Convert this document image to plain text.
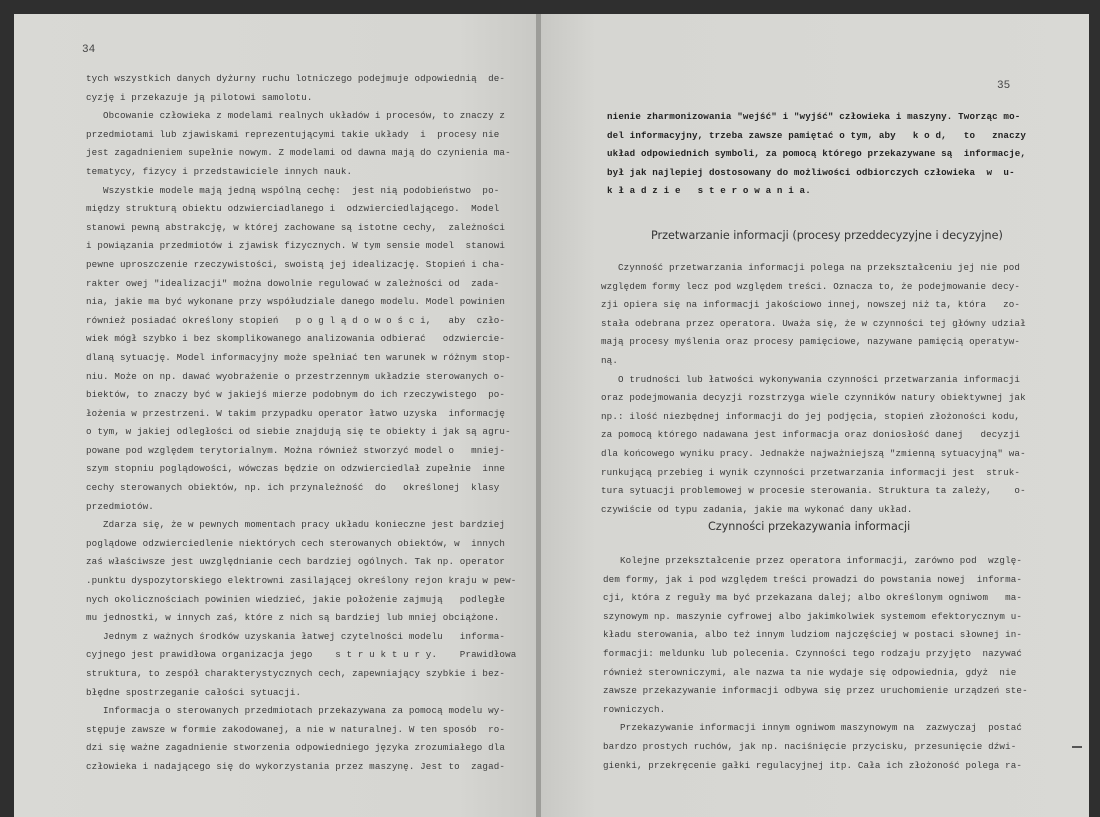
34
tych wszystkich danych dyżurny ruchu lotniczego podejmuje odpowiednią  de-
cyzję i przekazuje ją pilotowi samolotu.
Obcowanie człowieka z modelami realnych układów i procesów, to znaczy z
przedmiotami lub zjawiskami reprezentującymi takie układy  i  procesy nie
jest zagadnieniem supełnie nowym. Z modelami od dawna mają do czynienia ma-
tematycy, fizycy i przedstawiciele innych nauk.
Wszystkie modele mają jedną wspólną cechę:  jest nią podobieństwo  po-
między strukturą obiektu odzwierciadlanego i  odzwierciedlającego.  Model
stanowi pewną abstrakcję, w której zachowane są istotne cechy,  zależności
i powiązania przedmiotów i zjawisk fizycznych. W tym sensie model  stanowi
pewne uproszczenie rzeczywistości, swoistą jej idealizację. Stopień i cha-
rakter owej "idealizacji" można dowolnie regulować w zależności od  zada-
nia, jakie ma być wykonane przy współudziale danego modelu. Model powinien
również posiadać określony stopień   p o g l ą d o w o ś c i,   aby  czło-
wiek mógł szybko i bez skomplikowanego analizowania odbierać   odzwiercie-
dlaną sytuację. Model informacyjny może spełniać ten warunek w różnym stop-
niu. Może on np. dawać wyobrażenie o przestrzennym układzie sterowanych o-
biektów, to znaczy być w jakiejś mierze podobnym do ich rzeczywistego  po-
łożenia w przestrzeni. W takim przypadku operator łatwo uzyska  informację
o tym, w jakiej odległości od siebie znajdują się te obiekty i jak są agru-
powane pod względem terytorialnym. Można również stworzyć model o   mniej-
szym stopniu poglądowości, wówczas będzie on odzwierciedlał zupełnie  inne
cechy sterowanych obiektów, np. ich przynależność  do   określonej  klasy
przedmiotów.
Zdarza się, że w pewnych momentach pracy układu konieczne jest bardziej
poglądowe odzwierciedlenie niektórych cech sterowanych obiektów, w  innych
zaś właściwsze jest uwzględnianie cech bardziej ogólnych. Tak np. operator
.punktu dyspozytorskiego elektrowni zasilającej określony rejon kraju w pew-
nych okolicznościach powinien wiedzieć, jakie położenie zajmują   podległe
mu jednostki, w innych zaś, które z nich są bardziej lub mniej obciążone.
Jednym z ważnych środków uzyskania łatwej czytelności modelu   informa-
cyjnego jest prawidłowa organizacja jego    s t r u k t u r y.    Prawidłowa
struktura, to zespół charakterystycznych cech, zapewniający szybkie i bez-
błędne spostrzeganie całości sytuacji.
Informacja o sterowanych przedmiotach przekazywana za pomocą modelu wy-
stępuje zawsze w formie zakodowanej, a nie w naturalnej. W ten sposób  ro-
dzi się ważne zagadnienie stworzenia odpowiedniego języka zrozumiałego dla
człowieka i nadającego się do wykorzystania przez maszynę. Jest to  zagad-
35
nienie zharmonizowania "wejść" i "wyjść" człowieka i maszyny. Tworząc mo-
del informacyjny, trzeba zawsze pamiętać o tym, aby   k o d,   to   znaczy
układ odpowiednich symboli, za pomocą którego przekazywane są  informacje,
był jak najlepiej dostosowany do możliwości odbiorczych człowieka  w  u-
k ł a d z i e   s t e r o w a n i a.
Przetwarzanie informacji (procesy przeddecyzyjne i decyzyjne)
Czynność przetwarzania informacji polega na przekształceniu jej nie pod
względem formy lecz pod względem treści. Oznacza to, że podejmowanie decy-
zji opiera się na informacji jakościowo innej, nowszej niż ta, która   zo-
stała odebrana przez operatora. Uważa się, że w czynności tej główny udział
mają procesy myślenia oraz procesy pamięciowe, nazywane pamięcią operatyw-
ną.
O trudności lub łatwości wykonywania czynności przetwarzania informacji
oraz podejmowania decyzji rozstrzyga wiele czynników natury obiektywnej jak
np.: ilość niezbędnej informacji do jej podjęcia, stopień złożoności kodu,
za pomocą którego nadawana jest informacja oraz doniosłość danej   decyzji
dla końcowego wyniku pracy. Jednakże najważniejszą "zmienną sytuacyjną" wa-
runkującą przebieg i wynik czynności przetwarzania informacji jest  struk-
tura sytuacji problemowej w procesie sterowania. Struktura ta zależy,    o-
czywiście od typu zadania, jakie ma wykonać dany układ.
Czynności przekazywania informacji
Kolejne przekształcenie przez operatora informacji, zarówno pod  wzglę-
dem formy, jak i pod względem treści prowadzi do powstania nowej  informa-
cji, która z reguły ma być przekazana dalej; albo określonym ogniwom   ma-
szynowym np. maszynie cyfrowej albo jakimkolwiek systemom efektorycznym u-
kładu sterowania, albo też innym ludziom najczęściej w postaci słownej in-
formacji: meldunku lub polecenia. Czynności tego rodzaju przyjęto  nazywać
również sterowniczymi, ale nazwa ta nie wydaje się odpowiednia, gdyż  nie
zawsze przekazywanie informacji odbywa się przez uruchomienie urządzeń ste-
rowniczych.
Przekazywanie informacji innym ogniwom maszynowym na  zazwyczaj  postać
bardzo prostych ruchów, jak np. naciśnięcie przycisku, przesunięcie dźwi-
gienki, przekręcenie gałki regulacyjnej itp. Cała ich złożoność polega ra-
